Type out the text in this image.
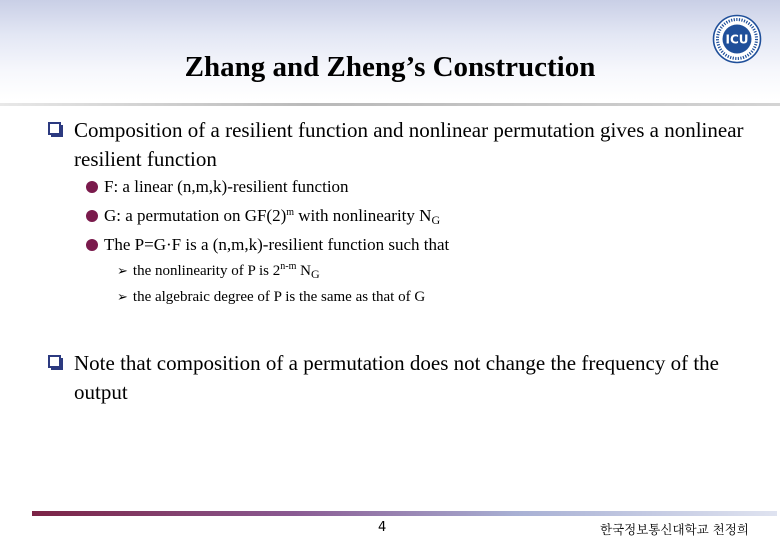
ICU
Zhang and Zheng’s Construction
Composition of a resilient function and nonlinear permutation gives a nonlinear resilient function
F: a linear (n,m,k)-resilient function
G: a permutation on $GF(2)^m$ with nonlinearity $N_G$
The P=G·F is a (n,m,k)-resilient function such that
➢ the nonlinearity of P is 2$^{n-m}$ $N_G$
➢ the algebraic degree of P is the same as that of G
Note that composition of a permutation does not change the frequency of the output
4	한국정보통신대학교 천정희
